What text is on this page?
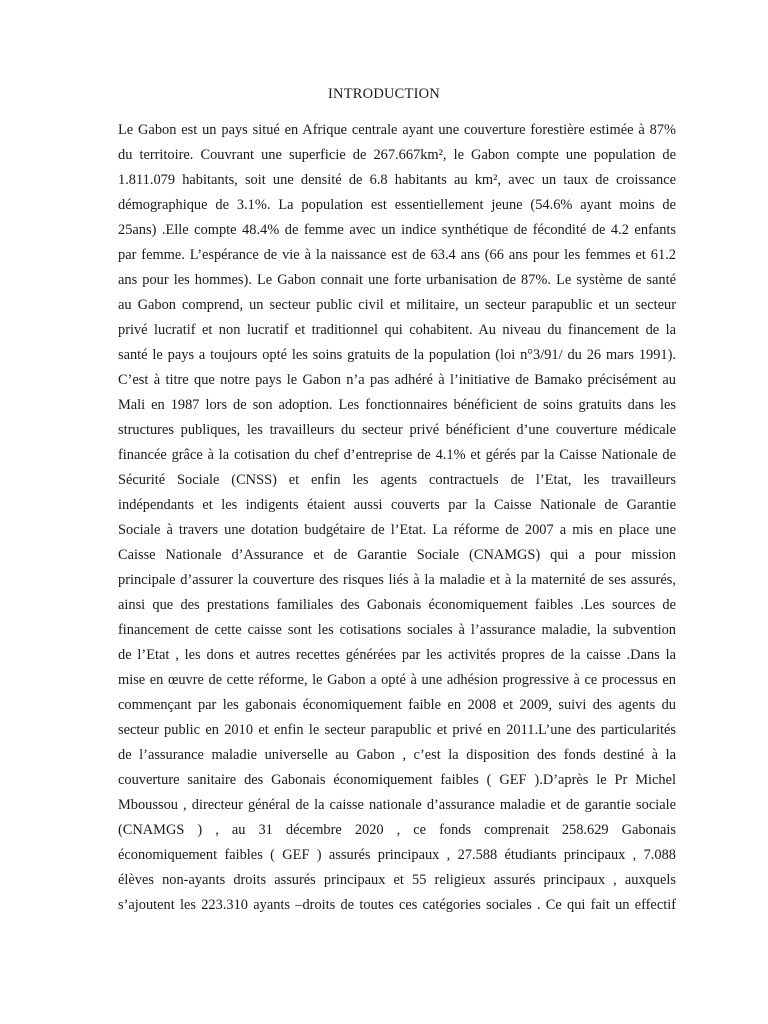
INTRODUCTION
Le Gabon est un pays situé en Afrique centrale ayant une couverture forestière estimée à 87%
du territoire. Couvrant une superficie de 267.667km², le Gabon compte une population de
1.811.079 habitants, soit une densité de 6.8 habitants au km², avec un taux de croissance
démographique de 3.1%. La population est essentiellement jeune (54.6% ayant moins de
25ans) .Elle compte 48.4% de femme avec un indice synthétique de fécondité de 4.2 enfants
par femme. L’espérance de vie à la naissance est de 63.4 ans (66 ans pour les femmes et 61.2
ans pour les hommes). Le Gabon connait une forte urbanisation de 87%. Le système de santé
au Gabon comprend, un secteur public civil et militaire, un secteur parapublic et un secteur
privé lucratif et non lucratif et traditionnel qui cohabitent. Au niveau du financement de la
santé le pays a toujours opté les soins gratuits de la population (loi n°3/91/ du 26 mars 1991).
C’est à titre que notre pays le Gabon n’a pas adhéré à l’initiative de Bamako précisément au
Mali en 1987 lors de son adoption. Les fonctionnaires bénéficient de soins gratuits dans les
structures publiques, les travailleurs du secteur privé bénéficient d’une couverture médicale
financée grâce à la cotisation du chef d’entreprise de 4.1% et gérés par la Caisse Nationale de
Sécurité Sociale (CNSS) et enfin les agents contractuels de l’Etat, les travailleurs
indépendants et les indigents étaient aussi couverts par la Caisse Nationale de Garantie
Sociale à travers une dotation budgétaire de l’Etat. La réforme de 2007 a mis en place une
Caisse Nationale d’Assurance et de Garantie Sociale (CNAMGS) qui a pour mission
principale d’assurer la couverture des risques liés à la maladie et à la maternité de ses assurés,
ainsi que des prestations familiales des Gabonais économiquement faibles .Les sources de
financement de cette caisse sont les cotisations sociales à l’assurance maladie, la subvention
de l’Etat , les dons et autres recettes générées par les activités propres de la caisse .Dans la
mise en œuvre de cette réforme, le Gabon a opté à une adhésion progressive à ce processus en
commençant par les gabonais économiquement faible en 2008 et 2009, suivi des agents du
secteur public en 2010 et enfin le secteur parapublic et privé en 2011.L’une des particularités
de l’assurance maladie universelle au Gabon , c’est la disposition des fonds destiné à la
couverture sanitaire des Gabonais économiquement faibles ( GEF ).D’après le Pr Michel
Mboussou , directeur général de la caisse nationale d’assurance maladie et de garantie sociale
(CNAMGS ) , au 31 décembre 2020 , ce fonds comprenait 258.629 Gabonais
économiquement faibles ( GEF ) assurés principaux , 27.588 étudiants principaux , 7.088
élèves non-ayants droits assurés principaux et 55 religieux assurés principaux , auxquels
s’ajoutent les 223.310 ayants –droits de toutes ces catégories sociales . Ce qui fait un effectif
